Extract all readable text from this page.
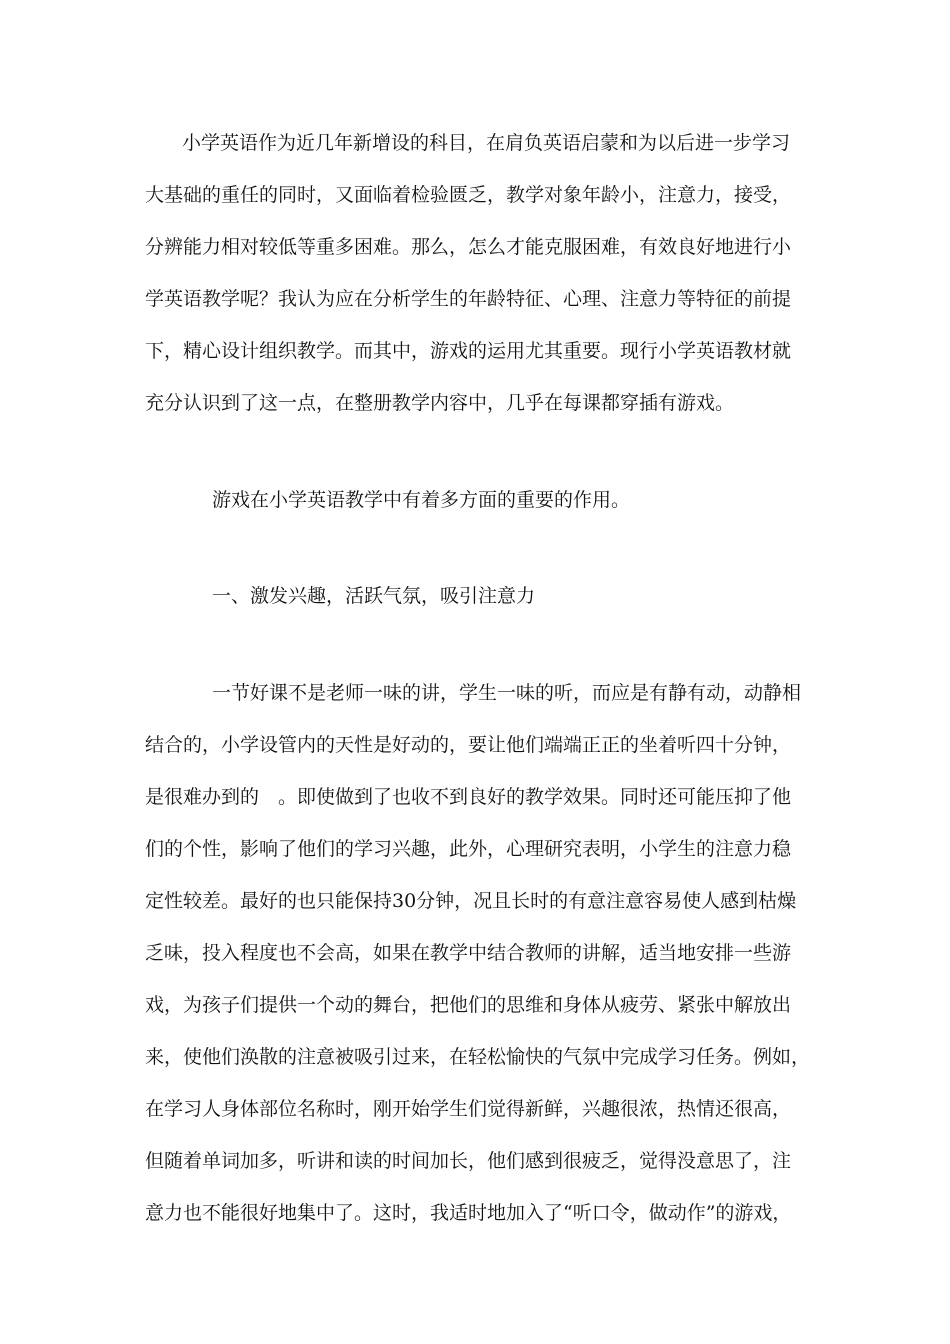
小学英语作为近几年新增设的科目，在肩负英语启蒙和为以后进一步学习
大基础的重任的同时，又面临着检验匮乏，教学对象年龄小，注意力，接受，
分辨能力相对较低等重多困难。那么，怎么才能克服困难，有效良好地进行小
学英语教学呢？我认为应在分析学生的年龄特征、心理、注意力等特征的前提
下，精心设计组织教学。而其中，游戏的运用尤其重要。现行小学英语教材就
充分认识到了这一点，在整册教学内容中，几乎在每课都穿插有游戏。
游戏在小学英语教学中有着多方面的重要的作用。
一、激发兴趣，活跃气氛，吸引注意力
一节好课不是老师一味的讲，学生一味的听，而应是有静有动，动静相
结合的，小学设管内的天性是好动的，要让他们端端正正的坐着听四十分钟，
是很难办到的　。即使做到了也收不到良好的教学效果。同时还可能压抑了他
们的个性，影响了他们的学习兴趣，此外，心理研究表明，小学生的注意力稳
定性较差。最好的也只能保持30分钟，况且长时的有意注意容易使人感到枯燥
乏味，投入程度也不会高，如果在教学中结合教师的讲解，适当地安排一些游
戏，为孩子们提供一个动的舞台，把他们的思维和身体从疲劳、紧张中解放出
来，使他们涣散的注意被吸引过来，在轻松愉快的气氛中完成学习任务。例如，
在学习人身体部位名称时，刚开始学生们觉得新鲜，兴趣很浓，热情还很高，
但随着单词加多，听讲和读的时间加长，他们感到很疲乏，觉得没意思了，注
意力也不能很好地集中了。这时，我适时地加入了“听口令，做动作”的游戏，
